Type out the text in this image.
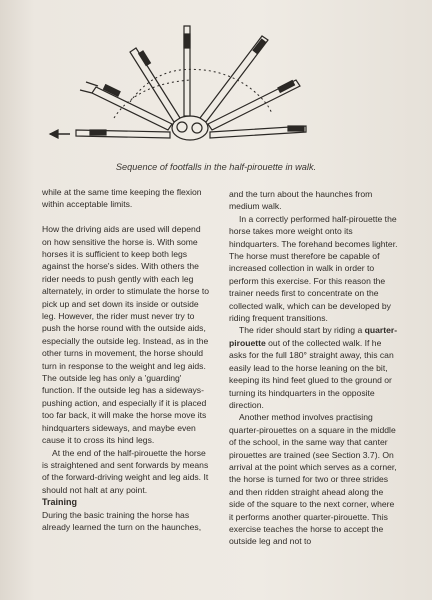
Sequence of footfalls in the half-pirouette in walk.

while at the same time keeping the flexion within acceptable limits.

How the driving aids are used will depend on how sensitive the horse is. With some horses it is sufficient to keep both legs against the horse's sides. With others the rider needs to push gently with each leg alternately, in order to stimulate the horse to pick up and set down its inside or outside leg. However, the rider must never try to push the horse round with the outside aids, especially the outside leg. Instead, as in the other turns in movement, the horse should turn in response to the weight and leg aids. The outside leg has only a 'guarding' function. If the outside leg has a sideways-pushing action, and especially if it is placed too far back, it will make the horse move its hindquarters sideways, and maybe even cause it to cross its hind legs.

At the end of the half-pirouette the horse is straightened and sent forwards by means of the forward-driving weight and leg aids. It should not halt at any point.

Training

During the basic training the horse has already learned the turn on the haunches,

and the turn about the haunches from medium walk.

In a correctly performed half-pirouette the horse takes more weight onto its hindquarters. The forehand becomes lighter. The horse must therefore be capable of increased collection in walk in order to perform this exercise. For this reason the trainer needs first to concentrate on the collected walk, which can be developed by riding frequent transitions.

The rider should start by riding a quarter-pirouette out of the collected walk. If he asks for the full 180° straight away, this can easily lead to the horse leaning on the bit, keeping its hind feet glued to the ground or turning its hindquarters in the opposite direction.

Another method involves practising quarter-pirouettes on a square in the middle of the school, in the same way that canter pirouettes are trained (see Section 3.7). On arrival at the point which serves as a corner, the horse is turned for two or three strides and then ridden straight ahead along the side of the square to the next corner, where it performs another quarter-pirouette. This exercise teaches the horse to accept the outside leg and not to
